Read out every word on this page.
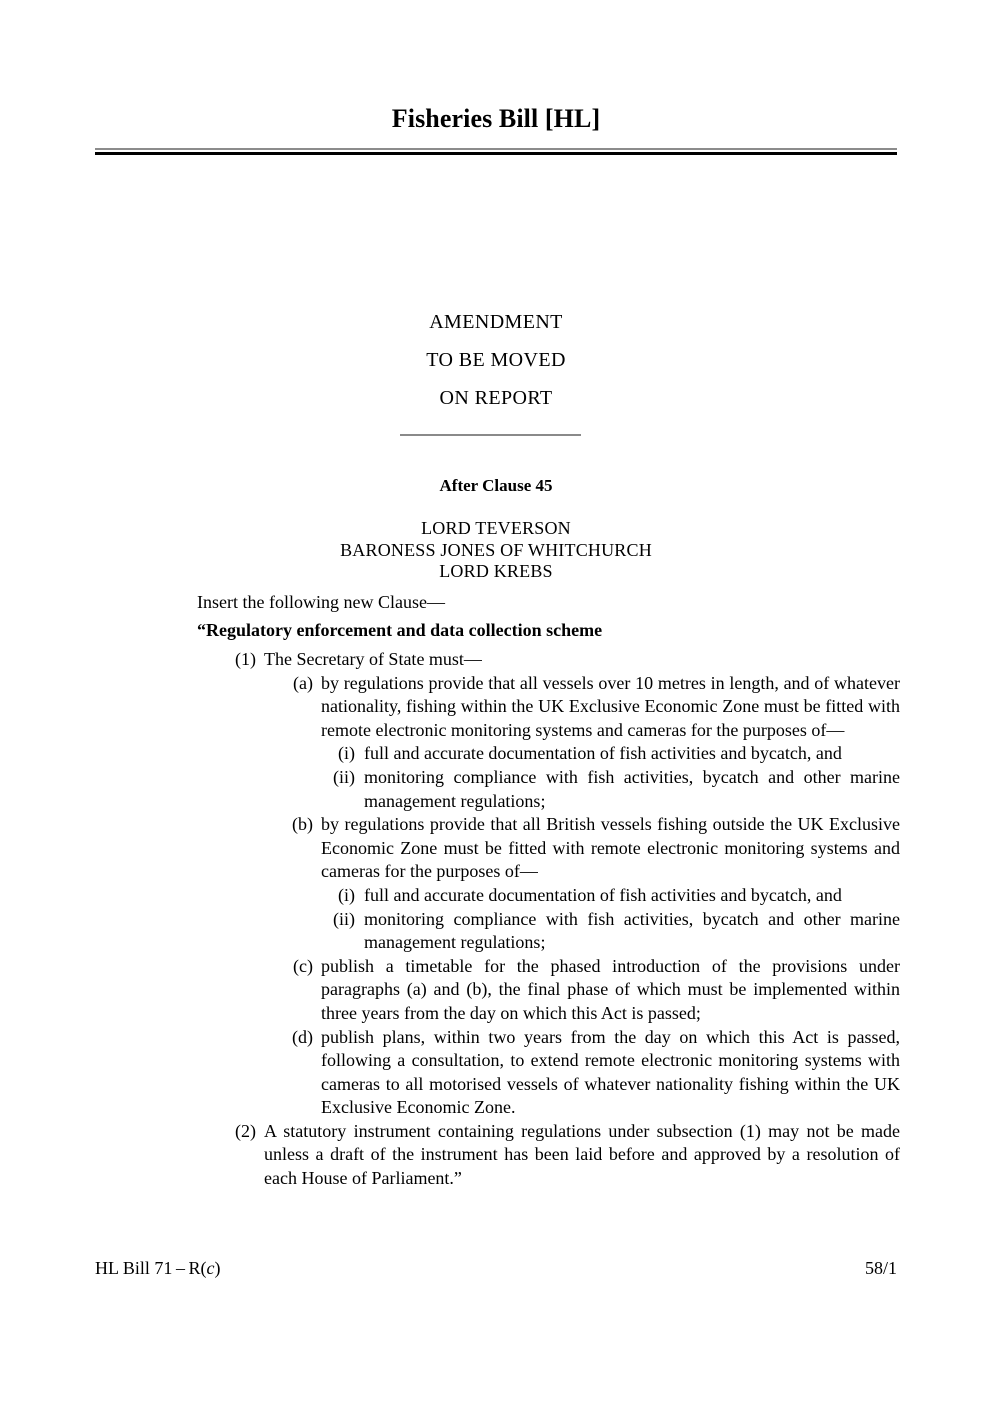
Fisheries Bill [HL]
AMENDMENT
TO BE MOVED
ON REPORT
After Clause 45
LORD TEVERSON
BARONESS JONES OF WHITCHURCH
LORD KREBS
Insert the following new Clause—
“Regulatory enforcement and data collection scheme
(1) The Secretary of State must—
(a) by regulations provide that all vessels over 10 metres in length, and of whatever nationality, fishing within the UK Exclusive Economic Zone must be fitted with remote electronic monitoring systems and cameras for the purposes of—
(i) full and accurate documentation of fish activities and bycatch, and
(ii) monitoring compliance with fish activities, bycatch and other marine management regulations;
(b) by regulations provide that all British vessels fishing outside the UK Exclusive Economic Zone must be fitted with remote electronic monitoring systems and cameras for the purposes of—
(i) full and accurate documentation of fish activities and bycatch, and
(ii) monitoring compliance with fish activities, bycatch and other marine management regulations;
(c) publish a timetable for the phased introduction of the provisions under paragraphs (a) and (b), the final phase of which must be implemented within three years from the day on which this Act is passed;
(d) publish plans, within two years from the day on which this Act is passed, following a consultation, to extend remote electronic monitoring systems with cameras to all motorised vessels of whatever nationality fishing within the UK Exclusive Economic Zone.
(2) A statutory instrument containing regulations under subsection (1) may not be made unless a draft of the instrument has been laid before and approved by a resolution of each House of Parliament.”
HL Bill 71 – R(c)	58/1
